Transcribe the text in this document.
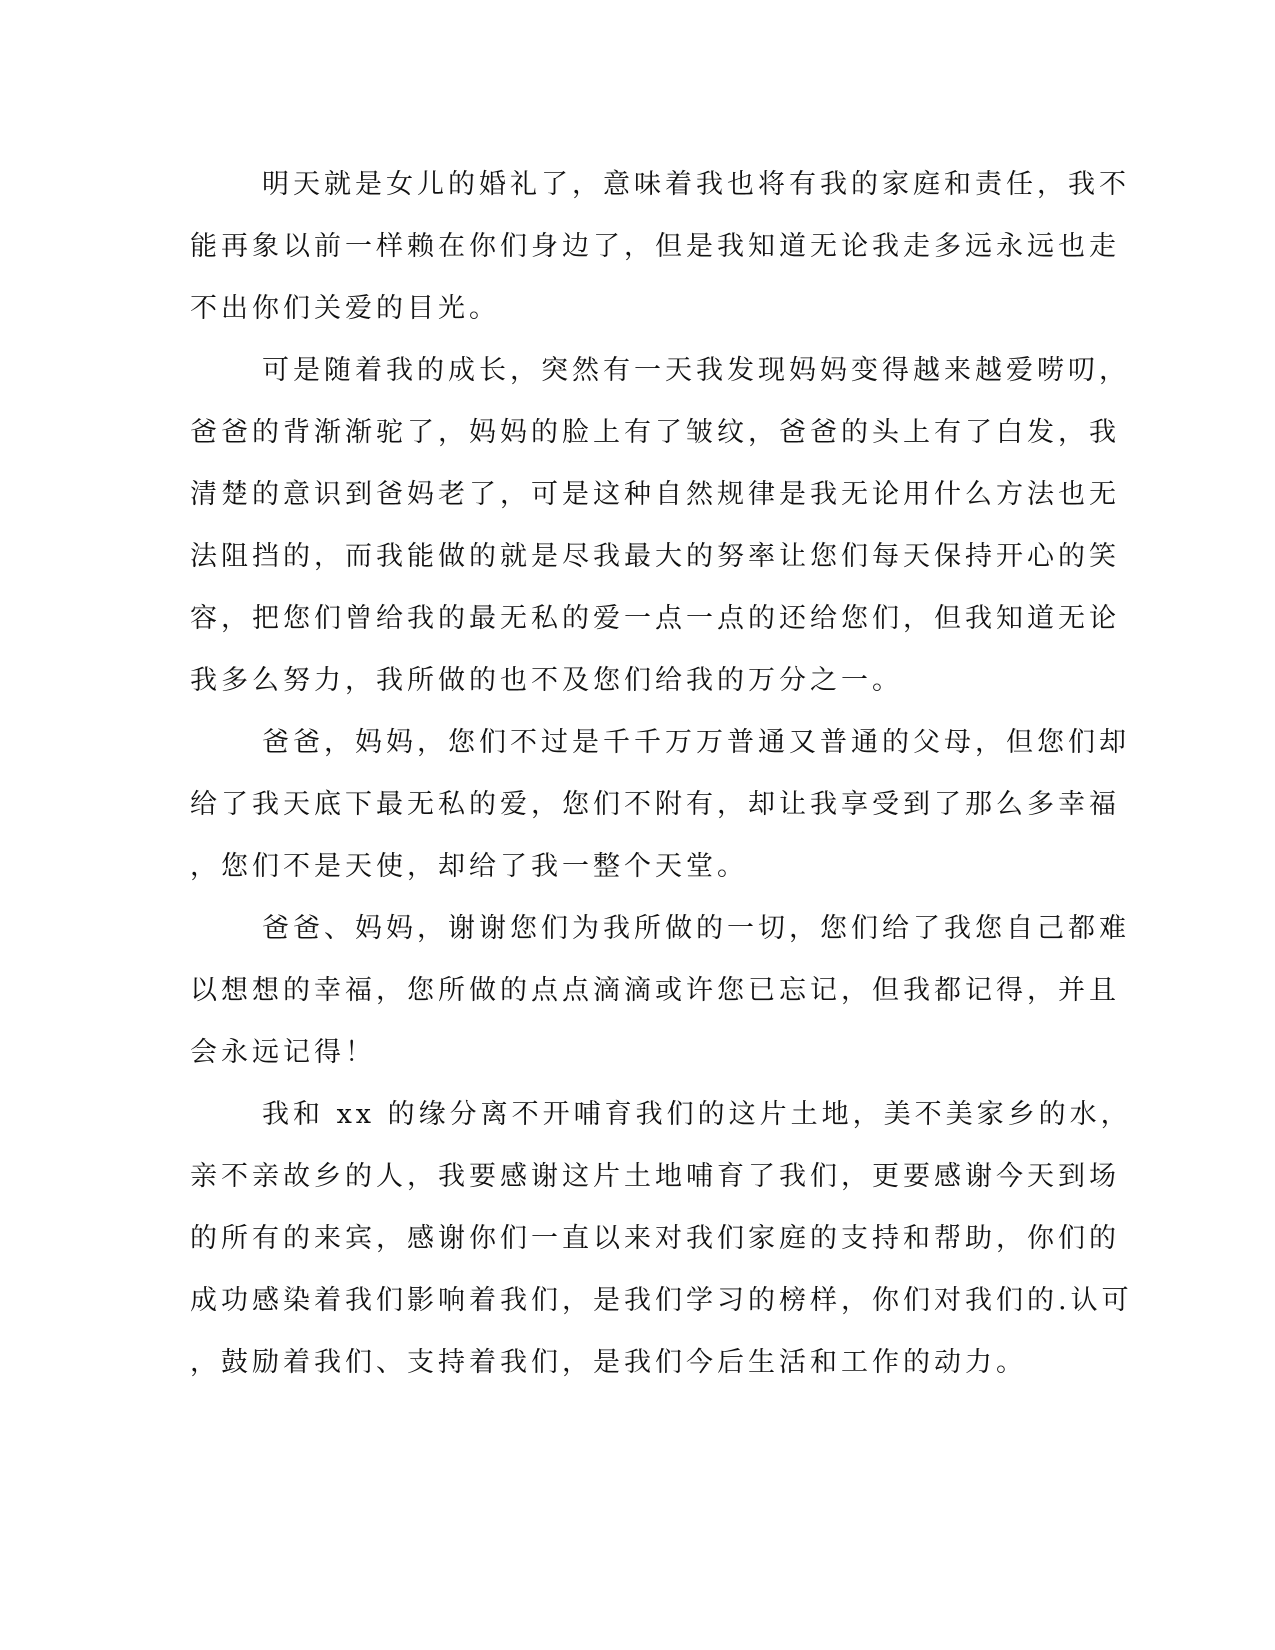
明天就是女儿的婚礼了，意味着我也将有我的家庭和责任，我不
能再象以前一样赖在你们身边了，但是我知道无论我走多远永远也走
不出你们关爱的目光。
可是随着我的成长，突然有一天我发现妈妈变得越来越爱唠叨，
爸爸的背渐渐驼了，妈妈的脸上有了皱纹，爸爸的头上有了白发，我
清楚的意识到爸妈老了，可是这种自然规律是我无论用什么方法也无
法阻挡的，而我能做的就是尽我最大的努率让您们每天保持开心的笑
容，把您们曾给我的最无私的爱一点一点的还给您们，但我知道无论
我多么努力，我所做的也不及您们给我的万分之一。
爸爸，妈妈，您们不过是千千万万普通又普通的父母，但您们却
给了我天底下最无私的爱，您们不附有，却让我享受到了那么多幸福
，您们不是天使，却给了我一整个天堂。
爸爸、妈妈，谢谢您们为我所做的一切，您们给了我您自己都难
以想想的幸福，您所做的点点滴滴或许您已忘记，但我都记得，并且
会永远记得！
我和 xx 的缘分离不开哺育我们的这片土地，美不美家乡的水，
亲不亲故乡的人，我要感谢这片土地哺育了我们，更要感谢今天到场
的所有的来宾，感谢你们一直以来对我们家庭的支持和帮助，你们的
成功感染着我们影响着我们，是我们学习的榜样，你们对我们的.认可
，鼓励着我们、支持着我们，是我们今后生活和工作的动力。
